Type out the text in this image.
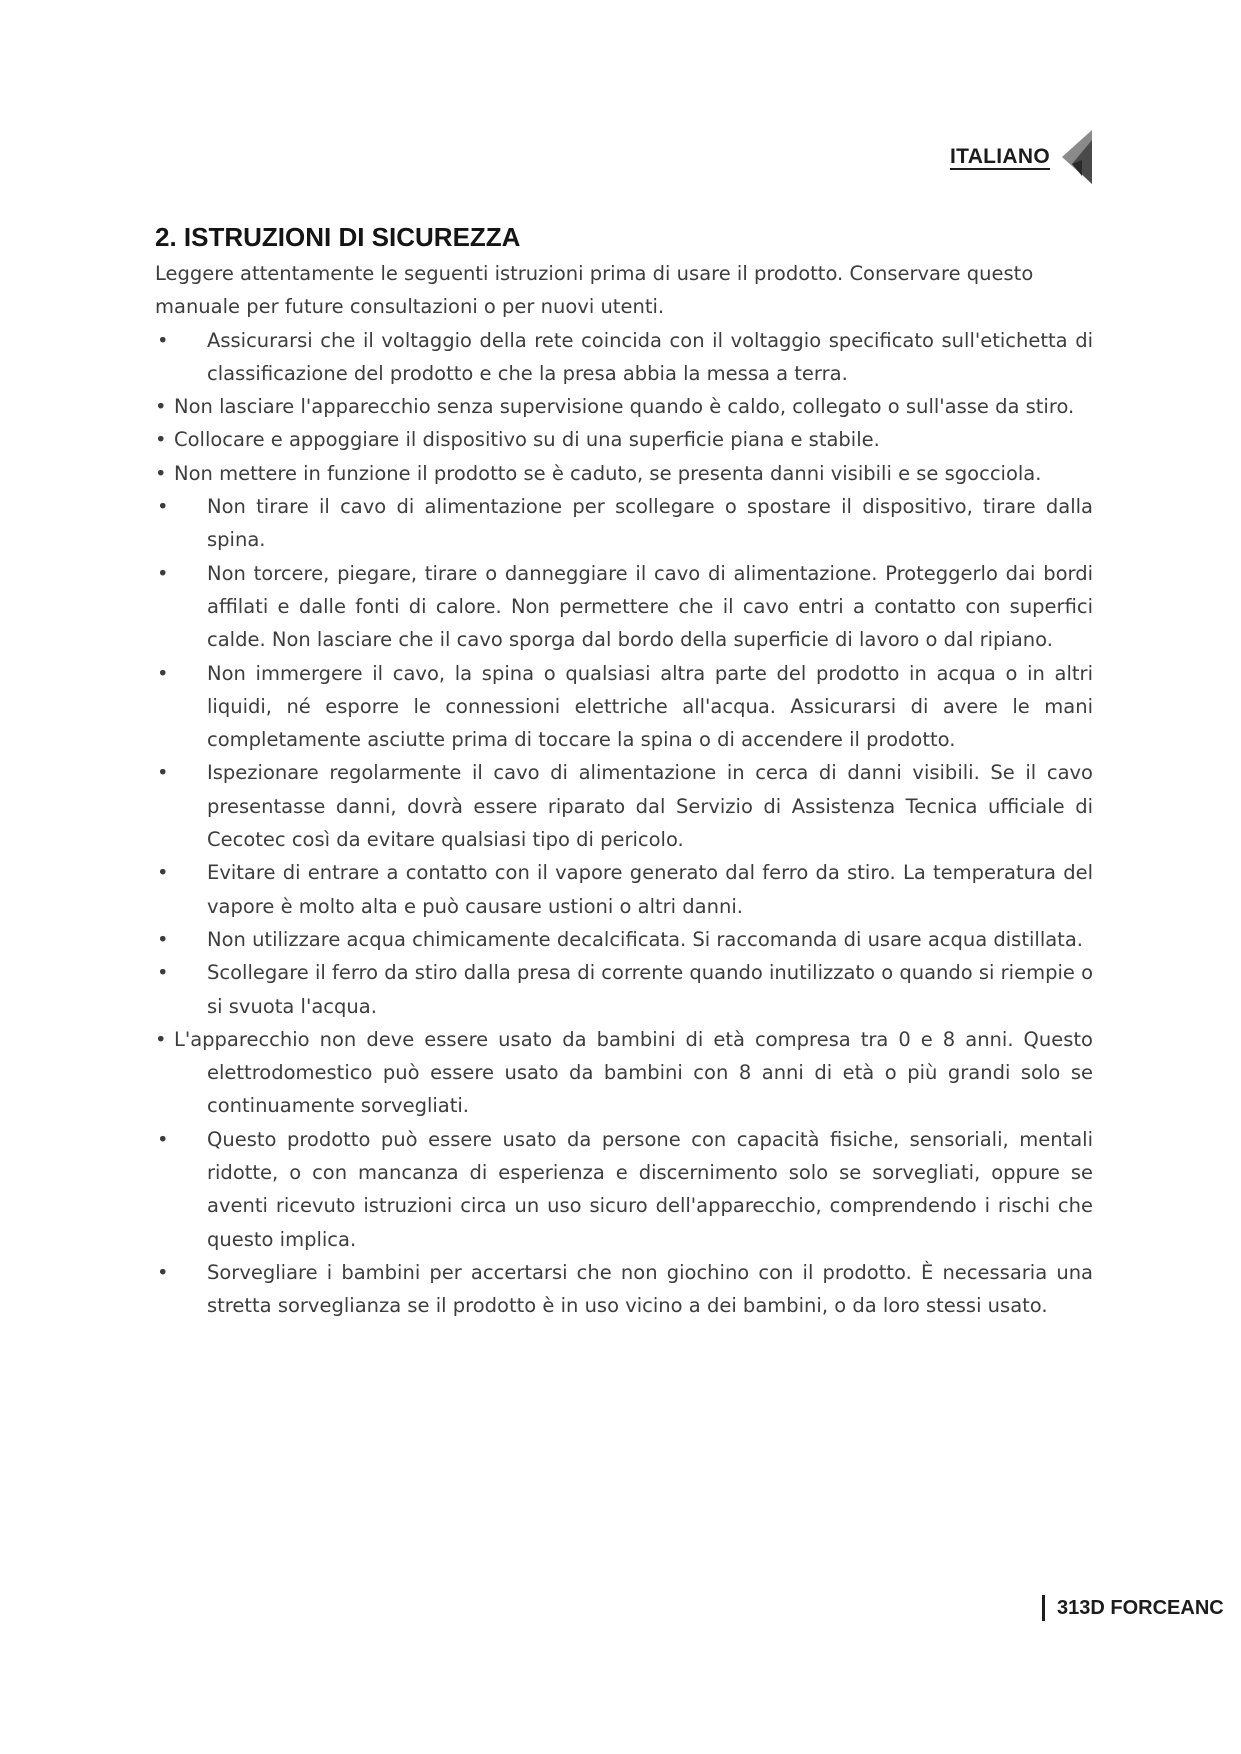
ITALIANO
2. ISTRUZIONI DI SICUREZZA

Leggere attentamente le seguenti istruzioni prima di usare il prodotto. Conservare questo manuale per future consultazioni o per nuovi utenti.

• Assicurarsi che il voltaggio della rete coincida con il voltaggio specificato sull'etichetta di classificazione del prodotto e che la presa abbia la messa a terra.
• Non lasciare l'apparecchio senza supervisione quando è caldo, collegato o sull'asse da stiro.
• Collocare e appoggiare il dispositivo su di una superficie piana e stabile.
• Non mettere in funzione il prodotto se è caduto, se presenta danni visibili e se sgocciola.
• Non tirare il cavo di alimentazione per scollegare o spostare il dispositivo, tirare dalla spina.
• Non torcere, piegare, tirare o danneggiare il cavo di alimentazione. Proteggerlo dai bordi affilati e dalle fonti di calore. Non permettere che il cavo entri a contatto con superfici calde. Non lasciare che il cavo sporga dal bordo della superficie di lavoro o dal ripiano.
• Non immergere il cavo, la spina o qualsiasi altra parte del prodotto in acqua o in altri liquidi, né esporre le connessioni elettriche all'acqua. Assicurarsi di avere le mani completamente asciutte prima di toccare la spina o di accendere il prodotto.
• Ispezionare regolarmente il cavo di alimentazione in cerca di danni visibili. Se il cavo presentasse danni, dovrà essere riparato dal Servizio di Assistenza Tecnica ufficiale di Cecotec così da evitare qualsiasi tipo di pericolo.
• Evitare di entrare a contatto con il vapore generato dal ferro da stiro. La temperatura del vapore è molto alta e può causare ustioni o altri danni.
• Non utilizzare acqua chimicamente decalcificata. Si raccomanda di usare acqua distillata.
• Scollegare il ferro da stiro dalla presa di corrente quando inutilizzato o quando si riempie o si svuota l'acqua.
• L'apparecchio non deve essere usato da bambini di età compresa tra 0 e 8 anni. Questo elettrodomestico può essere usato da bambini con 8 anni di età o più grandi solo se continuamente sorvegliati.
• Questo prodotto può essere usato da persone con capacità fisiche, sensoriali, mentali ridotte, o con mancanza di esperienza e discernimento solo se sorvegliati, oppure se aventi ricevuto istruzioni circa un uso sicuro dell'apparecchio, comprendendo i rischi che questo implica.
• Sorvegliare i bambini per accertarsi che non giochino con il prodotto. È necessaria una stretta sorveglianza se il prodotto è in uso vicino a dei bambini, o da loro stessi usato.
313D FORCEANC
